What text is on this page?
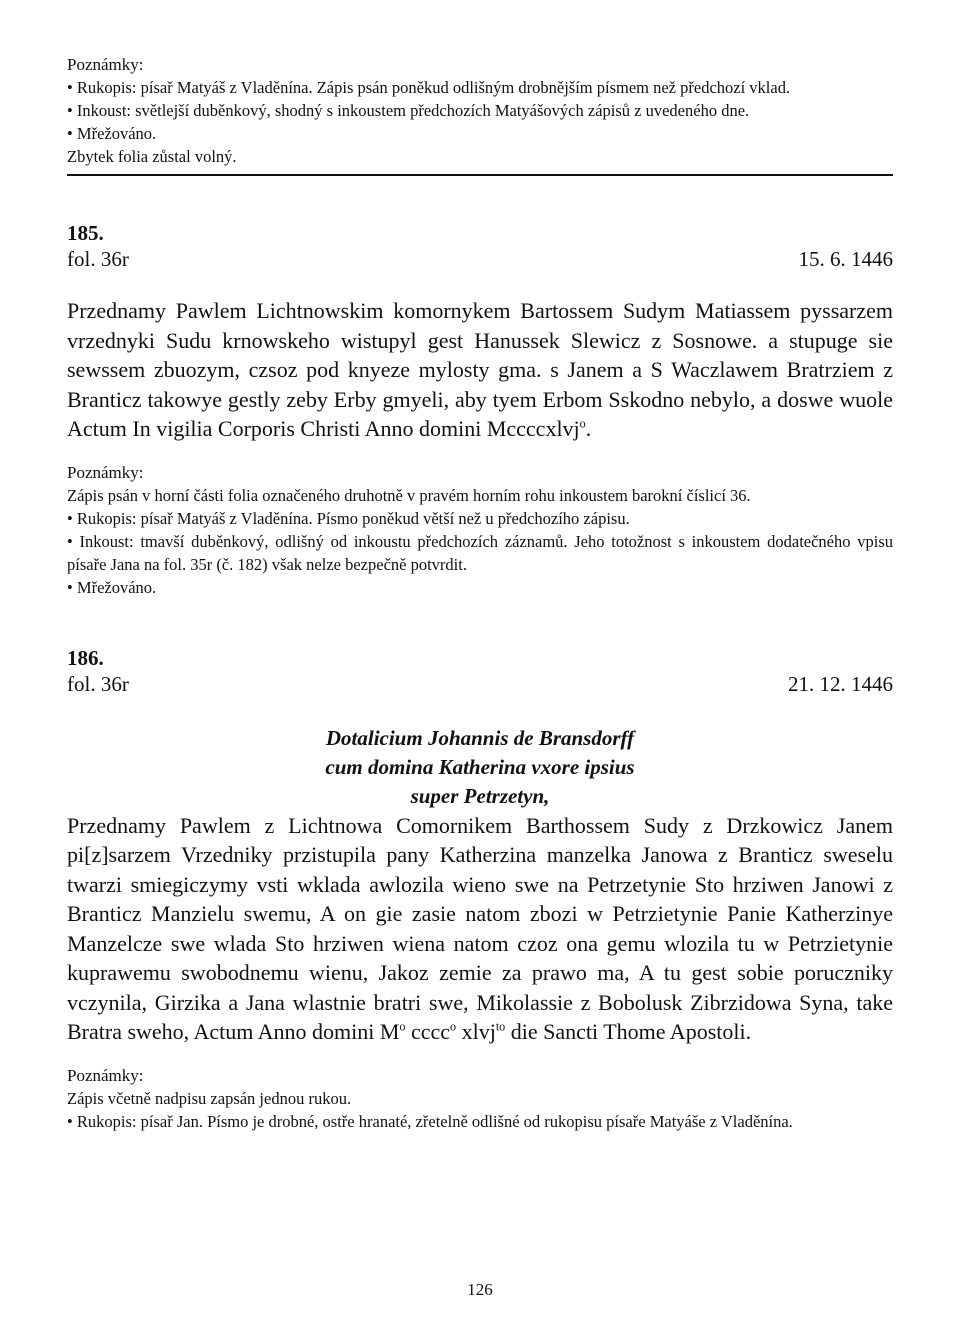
Poznámky:

• Rukopis: písař Matyáš z Vladěnína. Zápis psán poněkud odlišným drobnějším písmem než předchozí vklad.

• Inkoust: světlejší duběnkový, shodný s inkoustem předchozích Matyášových zápisů z uvedeného dne.

• Mřežováno.

Zbytek folia zůstal volný.

185.

fol. 36r	15. 6. 1446

Przednamy Pawlem Lichtnowskim komornykem Bartossem Sudym Matiassem pyssarzem vrzednyki Sudu krnowskeho wistupyl gest Hanussek Slewicz z Sosnowe. a stupuge sie sewssem zbuozym, czsoz pod knyeze mylosty gma. s Janem a S Waczlawem Bratrziem z Branticz takowye gestly zeby Erby gmyeli, aby tyem Erbom Sskodno nebylo, a doswe wuole Actum In vigilia Corporis Christi Anno domini Mccccxlvj$^o$.

Poznámky:

Zápis psán v horní části folia označeného druhotně v pravém horním rohu inkoustem barokní číslicí 36.

• Rukopis: písař Matyáš z Vladěnína. Písmo poněkud větší než u předchozího zápisu.

• Inkoust: tmavší duběnkový, odlišný od inkoustu předchozích záznamů. Jeho totožnost s inkoustem dodatečného vpisu písaře Jana na fol. 35r (č. 182) však nelze bezpečně potvrdit.

• Mřežováno.

186.

fol. 36r	21. 12. 1446

Dotalicium Johannis de Bransdorff

cum domina Katherina vxore ipsius

super Petrzetyn,

Przednamy Pawlem z Lichtnowa Comornikem Barthossem Sudy z Drzkowicz Janem pi[z]sarzem Vrzedniky przistupila pany Katherzina manzelka Janowa z Branticz sweselu twarzi smiegiczymy vsti wklada awlozila wieno swe na Petrzetynie Sto hrziwen Janowi z Branticz Manzielu swemu, A on gie zasie natom zbozi w Petrzietynie Panie Katherzinye Manzelcze swe wlada Sto hrziwen wiena natom czoz ona gemu wlozila tu w Petrzietynie kuprawemu swobodnemu wienu, Jakoz zemie za prawo ma, A tu gest sobie poruczniky vczynila, Girzika a Jana wlastnie bratri swe, Mikolassie z Bobolusk Zibrzidowa Syna, take Bratra sweho, Actum Anno domini $M^o$ cccc$^o$ xlvj$^{to}$ die Sancti Thome Apostoli.

Poznámky:

Zápis včetně nadpisu zapsán jednou rukou.

• Rukopis: písař Jan. Písmo je drobné, ostře hranaté, zřetelně odlišné od rukopisu písaře Matyáše z Vladěnína.

126
